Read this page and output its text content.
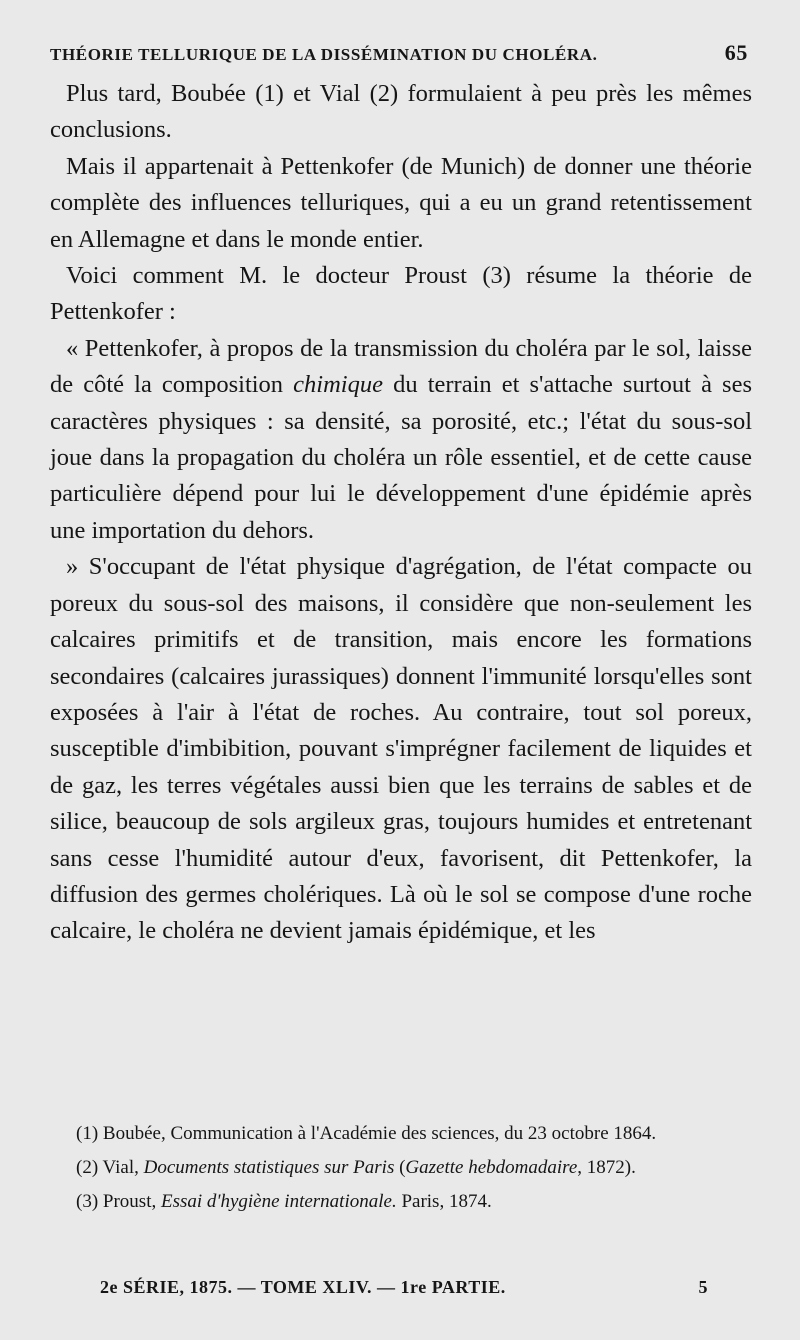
THÉORIE TELLURIQUE DE LA DISSÉMINATION DU CHOLÉRA.	65

Plus tard, Boubée (1) et Vial (2) formulaient à peu près les mêmes conclusions.

Mais il appartenait à Pettenkofer (de Munich) de donner une théorie complète des influences telluriques, qui a eu un grand retentissement en Allemagne et dans le monde entier.

Voici comment M. le docteur Proust (3) résume la théorie de Pettenkofer :

« Pettenkofer, à propos de la transmission du choléra par le sol, laisse de côté la composition chimique du terrain et s'attache surtout à ses caractères physiques : sa densité, sa porosité, etc.; l'état du sous-sol joue dans la propagation du choléra un rôle essentiel, et de cette cause particulière dépend pour lui le développement d'une épidémie après une importation du dehors.

» S'occupant de l'état physique d'agrégation, de l'état compacte ou poreux du sous-sol des maisons, il considère que non-seulement les calcaires primitifs et de transition, mais encore les formations secondaires (calcaires jurassiques) donnent l'immunité lorsqu'elles sont exposées à l'air à l'état de roches. Au contraire, tout sol poreux, susceptible d'imbibition, pouvant s'imprégner facilement de liquides et de gaz, les terres végétales aussi bien que les terrains de sables et de silice, beaucoup de sols argileux gras, toujours humides et entretenant sans cesse l'humidité autour d'eux, favorisent, dit Pettenkofer, la diffusion des germes cholériques. Là où le sol se compose d'une roche calcaire, le choléra ne devient jamais épidémique, et les

(1) Boubée, Communication à l'Académie des sciences, du 23 octobre 1864.

(2) Vial, Documents statistiques sur Paris (Gazette hebdomadaire, 1872).

(3) Proust, Essai d'hygiène internationale. Paris, 1874.

2e SÉRIE, 1875. — TOME XLIV. — 1re PARTIE.	5
